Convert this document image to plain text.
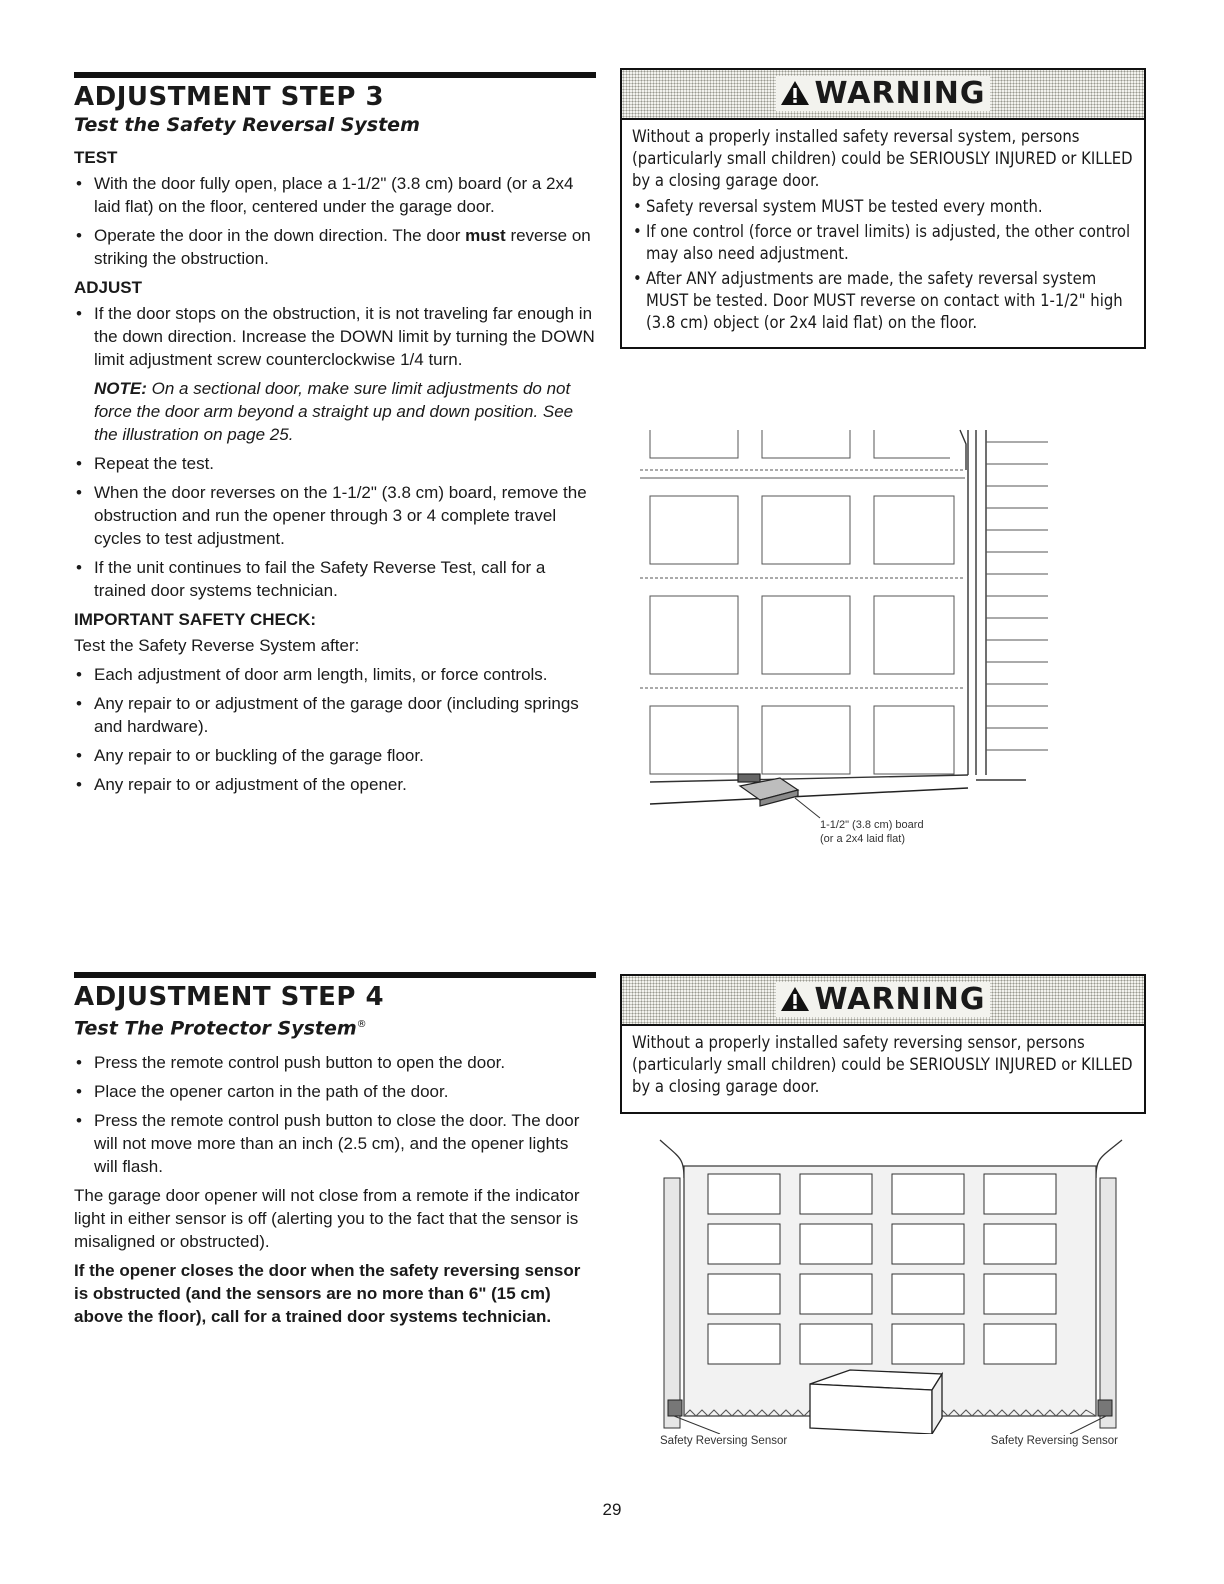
ADJUSTMENT STEP 3
Test the Safety Reversal System
TEST
• With the door fully open, place a 1-1/2" (3.8 cm) board (or a 2x4 laid flat) on the floor, centered under the garage door.
• Operate the door in the down direction. The door must reverse on striking the obstruction.
ADJUST
• If the door stops on the obstruction, it is not traveling far enough in the down direction. Increase the DOWN limit by turning the DOWN limit adjustment screw counterclockwise 1/4 turn.

NOTE: On a sectional door, make sure limit adjustments do not force the door arm beyond a straight up and down position. See the illustration on page 25.

• Repeat the test.
• When the door reverses on the 1-1/2" (3.8 cm) board, remove the obstruction and run the opener through 3 or 4 complete travel cycles to test adjustment.
• If the unit continues to fail the Safety Reverse Test, call for a trained door systems technician.
IMPORTANT SAFETY CHECK:

Test the Safety Reverse System after:

• Each adjustment of door arm length, limits, or force controls.
• Any repair to or adjustment of the garage door (including springs and hardware).
• Any repair to or buckling of the garage floor.
• Any repair to or adjustment of the opener.
WARNING

Without a properly installed safety reversal system, persons (particularly small children) could be SERIOUSLY INJURED or KILLED by a closing garage door.

• Safety reversal system MUST be tested every month.
• If one control (force or travel limits) is adjusted, the other control may also need adjustment.
• After ANY adjustments are made, the safety reversal system MUST be tested. Door MUST reverse on contact with 1-1/2" high (3.8 cm) object (or 2x4 laid flat) on the floor.
1-1/2" (3.8 cm) board
(or a 2x4 laid flat)
ADJUSTMENT STEP 4
Test The Protector System®
• Press the remote control push button to open the door.
• Place the opener carton in the path of the door.
• Press the remote control push button to close the door. The door will not move more than an inch (2.5 cm), and the opener lights will flash.

The garage door opener will not close from a remote if the indicator light in either sensor is off (alerting you to the fact that the sensor is misaligned or obstructed).

If the opener closes the door when the safety reversing sensor is obstructed (and the sensors are no more than 6" (15 cm) above the floor), call for a trained door systems technician.

WARNING

Without a properly installed safety reversing sensor, persons (particularly small children) could be SERIOUSLY INJURED or KILLED by a closing garage door.

Safety Reversing Sensor	Safety Reversing Sensor
29
